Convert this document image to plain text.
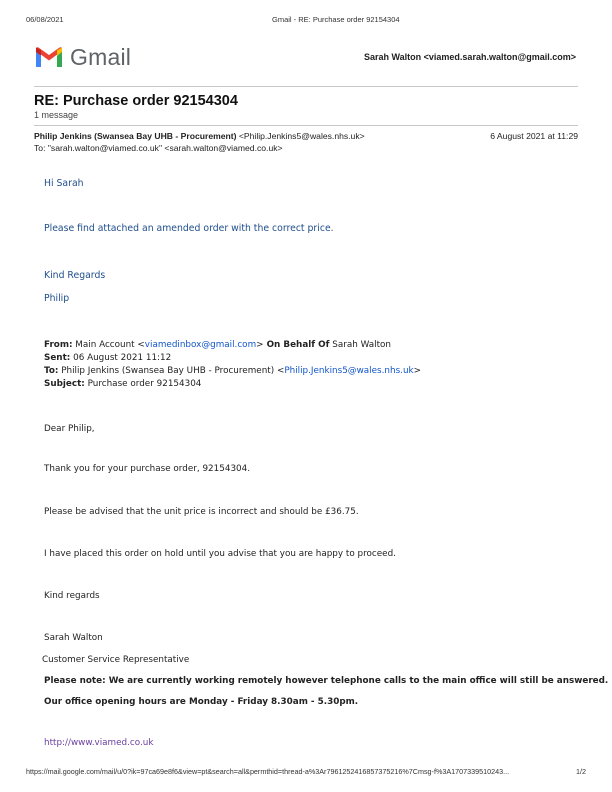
06/08/2021	Gmail - RE: Purchase order 92154304
Gmail	Sarah Walton <viamed.sarah.walton@gmail.com>
RE: Purchase order 92154304
1 message
Philip Jenkins (Swansea Bay UHB - Procurement) <Philip.Jenkins5@wales.nhs.uk>	6 August 2021 at 11:29
To: "sarah.walton@viamed.co.uk" <sarah.walton@viamed.co.uk>
Hi Sarah
Please find attached an amended order with the correct price.
Kind Regards
Philip
From: Main Account <viamedinbox@gmail.com> On Behalf Of Sarah Walton
Sent: 06 August 2021 11:12
To: Philip Jenkins (Swansea Bay UHB - Procurement) <Philip.Jenkins5@wales.nhs.uk>
Subject: Purchase order 92154304
Dear Philip,
Thank you for your purchase order, 92154304.
Please be advised that the unit price is incorrect and should be £36.75.
I have placed this order on hold until you advise that you are happy to proceed.
Kind regards
Sarah Walton
Customer Service Representative
Please note: We are currently working remotely however telephone calls to the main office will still be answered.
Our office opening hours are Monday - Friday 8.30am - 5.30pm.
http://www.viamed.co.uk
https://mail.google.com/mail/u/0?ik=97ca69e8f6&view=pt&search=all&permthid=thread-a%3Ar7961252416857375216%7Cmsg-f%3A1707339510243...	1/2
